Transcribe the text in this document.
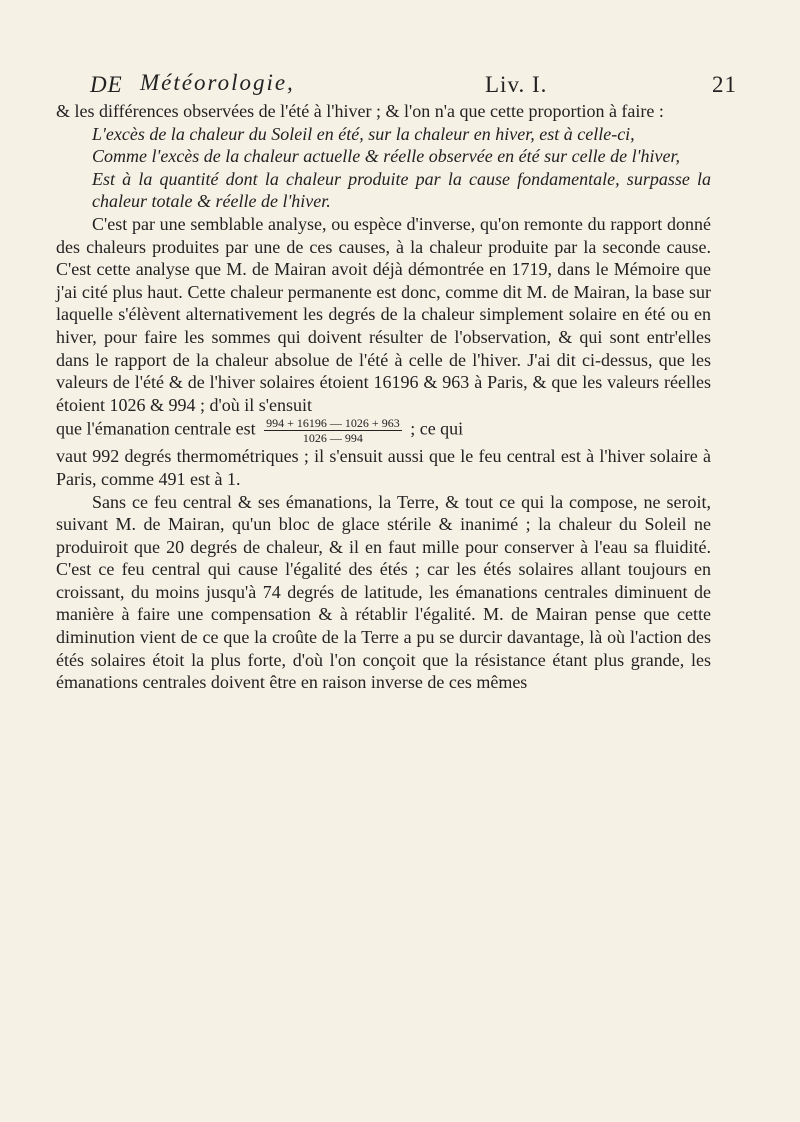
DE Météorologie,	Liv. I.	21

& les différences observées de l'été à l'hiver ; & l'on n'a que cette proportion à faire :

L'excès de la chaleur du Soleil en été, sur la chaleur en hiver, est à celle-ci,

Comme l'excès de la chaleur actuelle & réelle observée en été sur celle de l'hiver,

Est à la quantité dont la chaleur produite par la cause fondamentale, surpasse la chaleur totale & réelle de l'hiver.

C'est par une semblable analyse, ou espèce d'inverse, qu'on remonte du rapport donné des chaleurs produites par une de ces causes, à la chaleur produite par la seconde cause. C'est cette analyse que M. de Mairan avoit déjà démontrée en 1719, dans le Mémoire que j'ai cité plus haut. Cette chaleur permanente est donc, comme dit M. de Mairan, la base sur laquelle s'élèvent alternativement les degrés de la chaleur simplement solaire en été ou en hiver, pour faire les sommes qui doivent résulter de l'observation, & qui sont entr'elles dans le rapport de la chaleur absolue de l'été à celle de l'hiver. J'ai dit ci-dessus, que les valeurs de l'été & de l'hiver solaires étoient 16196 & 963 à Paris, & que les valeurs réelles étoient 1026 & 994 ; d'où il s'ensuit

que l'émanation centrale est $\frac{994 + 16196 — 1026 + 963}{1026 — 994}$ ; ce qui

vaut 992 degrés thermométriques ; il s'ensuit aussi que le feu central est à l'hiver solaire à Paris, comme 491 est à 1.

Sans ce feu central & ses émanations, la Terre, & tout ce qui la compose, ne seroit, suivant M. de Mairan, qu'un bloc de glace stérile & inanimé ; la chaleur du Soleil ne produiroit que 20 degrés de chaleur, & il en faut mille pour conserver à l'eau sa fluidité. C'est ce feu central qui cause l'égalité des étés ; car les étés solaires allant toujours en croissant, du moins jusqu'à 74 degrés de latitude, les émanations centrales diminuent de manière à faire une compensation & à rétablir l'égalité. M. de Mairan pense que cette diminution vient de ce que la croûte de la Terre a pu se durcir davantage, là où l'action des étés solaires étoit la plus forte, d'où l'on conçoit que la résistance étant plus grande, les émanations centrales doivent être en raison inverse de ces mêmes
